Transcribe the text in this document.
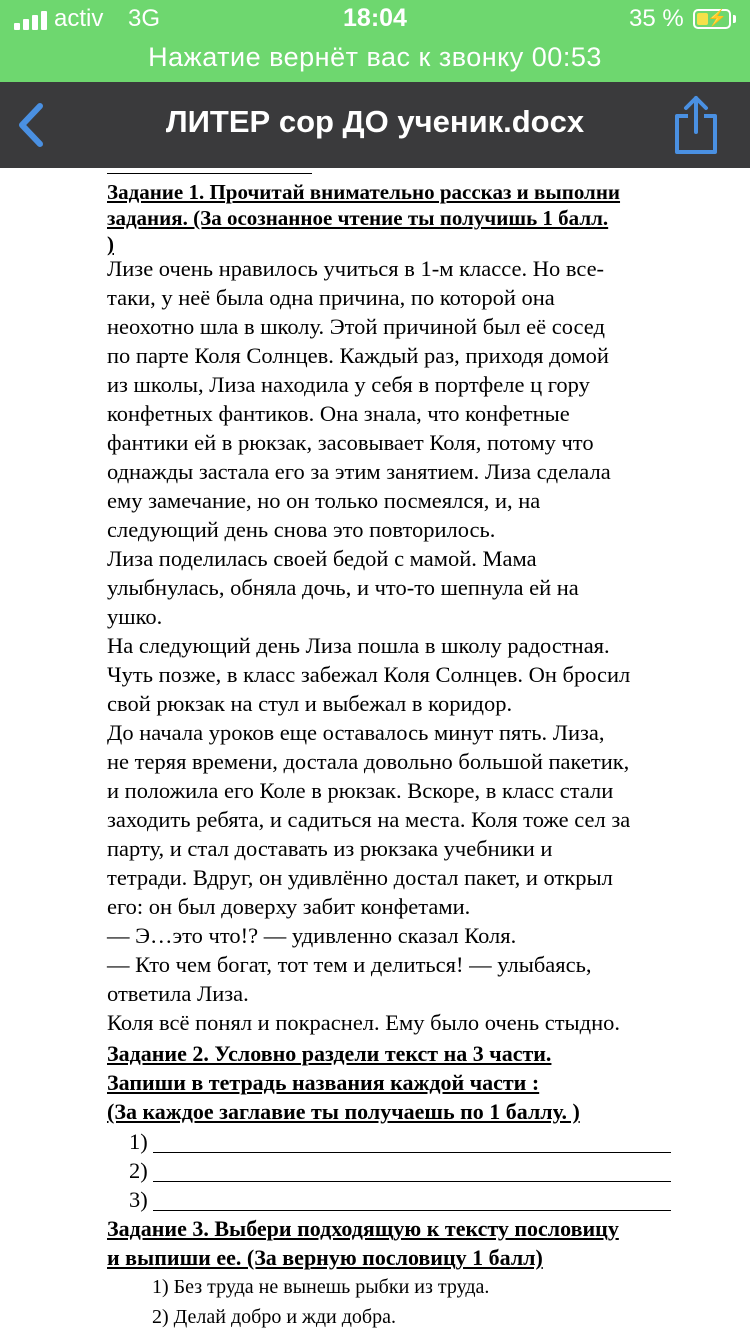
activ 3G	18:04	35 % ⚡
Нажатие вернёт вас к звонку 00:53
ЛИТЕР сор ДО ученик.docx
Задание 1. Прочитай внимательно рассказ и выполни
задания. (За осознанное чтение ты получишь 1 балл.
)
Лизе очень нравилось учиться в 1-м классе. Но все-
таки, у неё была одна причина, по которой она
неохотно шла в школу. Этой причиной был её сосед
по парте Коля Солнцев. Каждый раз, приходя домой
из школы, Лиза находила у себя в портфеле ц гору
конфетных фантиков. Она знала, что конфетные
фантики ей в рюкзак, засовывает Коля, потому что
однажды застала его за этим занятием. Лиза сделала
ему замечание, но он только посмеялся, и, на
следующий день снова это повторилось.
Лиза поделилась своей бедой с мамой. Мама
улыбнулась, обняла дочь, и что-то шепнула ей на
ушко.
На следующий день Лиза пошла в школу радостная.
Чуть позже, в класс забежал Коля Солнцев. Он бросил
свой рюкзак на стул и выбежал в коридор.
До начала уроков еще оставалось минут пять. Лиза,
не теряя времени, достала довольно большой пакетик,
и положила его Коле в рюкзак. Вскоре, в класс стали
заходить ребята, и садиться на места. Коля тоже сел за
парту, и стал доставать из рюкзака учебники и
тетради. Вдруг, он удивлённо достал пакет, и открыл
его: он был доверху забит конфетами.
— Э…это что!? — удивленно сказал Коля.
— Кто чем богат, тот тем и делиться! — улыбаясь,
ответила Лиза.
Коля всё понял и покраснел. Ему было очень стыдно.
Задание 2. Условно раздели текст на 3 части.
Запиши в тетрадь названия каждой части :
(За каждое заглавие ты получаешь по 1 баллу. )
1)
2)
3)
Задание 3. Выбери подходящую к тексту пословицу
и выпиши ее. (За верную пословицу 1 балл)
1) Без труда не вынешь рыбки из труда.
2) Делай добро и жди добра.
